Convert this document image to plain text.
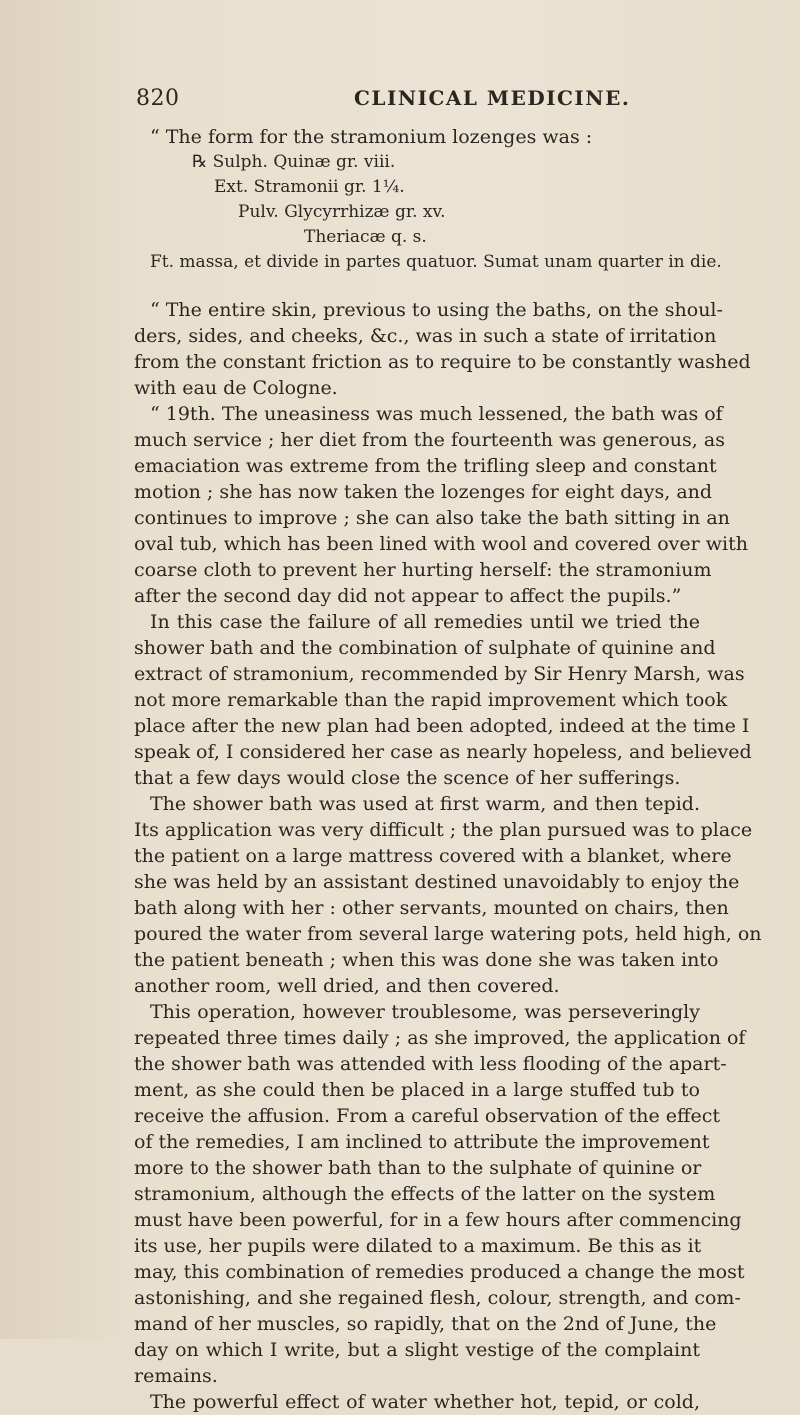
820	CLINICAL MEDICINE.
“ The form for the stramonium lozenges was :
℞ Sulph. Quinæ gr. viii.
Ext. Stramonii gr. 1¼.
Pulv. Glycyrrhizæ gr. xv.
Theriacæ q. s.
Ft. massa, et divide in partes quatuor. Sumat unam quarter in die.
“ The entire skin, previous to using the baths, on the shoul-
ders, sides, and cheeks, &c., was in such a state of irritation
from the constant friction as to require to be constantly washed
with eau de Cologne.
“ 19th. The uneasiness was much lessened, the bath was of
much service ; her diet from the fourteenth was generous, as
emaciation was extreme from the trifling sleep and constant
motion ; she has now taken the lozenges for eight days, and
continues to improve ; she can also take the bath sitting in an
oval tub, which has been lined with wool and covered over with
coarse cloth to prevent her hurting herself: the stramonium
after the second day did not appear to affect the pupils.”
In this case the failure of all remedies until we tried the
shower bath and the combination of sulphate of quinine and
extract of stramonium, recommended by Sir Henry Marsh, was
not more remarkable than the rapid improvement which took
place after the new plan had been adopted, indeed at the time I
speak of, I considered her case as nearly hopeless, and believed
that a few days would close the scence of her sufferings.
The shower bath was used at first warm, and then tepid.
Its application was very difficult ; the plan pursued was to place
the patient on a large mattress covered with a blanket, where
she was held by an assistant destined unavoidably to enjoy the
bath along with her : other servants, mounted on chairs, then
poured the water from several large watering pots, held high, on
the patient beneath ; when this was done she was taken into
another room, well dried, and then covered.
This operation, however troublesome, was perseveringly
repeated three times daily ; as she improved, the application of
the shower bath was attended with less flooding of the apart-
ment, as she could then be placed in a large stuffed tub to
receive the affusion. From a careful observation of the effect
of the remedies, I am inclined to attribute the improvement
more to the shower bath than to the sulphate of quinine or
stramonium, although the effects of the latter on the system
must have been powerful, for in a few hours after commencing
its use, her pupils were dilated to a maximum. Be this as it
may, this combination of remedies produced a change the most
astonishing, and she regained flesh, colour, strength, and com-
mand of her muscles, so rapidly, that on the 2nd of June, the
day on which I write, but a slight vestige of the complaint
remains.
The powerful effect of water whether hot, tepid, or cold,
